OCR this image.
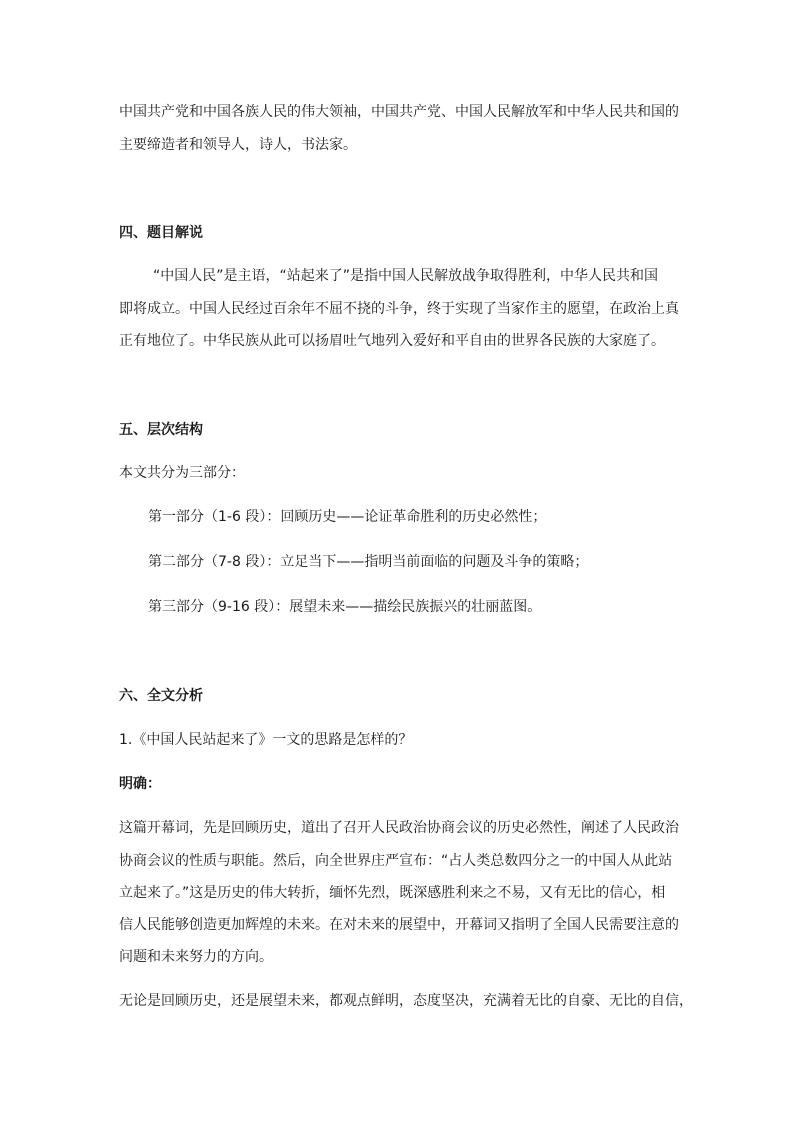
中国共产党和中国各族人民的伟大领袖，中国共产党、中国人民解放军和中华人民共和国的
主要缔造者和领导人，诗人，书法家。
四、题目解说
“中国人民”是主语，“站起来了”是指中国人民解放战争取得胜利，中华人民共和国
即将成立。中国人民经过百余年不屈不挠的斗争，终于实现了当家作主的愿望，在政治上真
正有地位了。中华民族从此可以扬眉吐气地列入爱好和平自由的世界各民族的大家庭了。
五、层次结构
本文共分为三部分：
第一部分（1-6 段）：回顾历史——论证革命胜利的历史必然性；
第二部分（7-8 段）：立足当下——指明当前面临的问题及斗争的策略；
第三部分（9-16 段）：展望未来——描绘民族振兴的壮丽蓝图。
六、全文分析
1.《中国人民站起来了》一文的思路是怎样的？
明确：
这篇开幕词，先是回顾历史，道出了召开人民政治协商会议的历史必然性，阐述了人民政治
协商会议的性质与职能。然后，向全世界庄严宣布：“占人类总数四分之一的中国人从此站
立起来了。”这是历史的伟大转折，缅怀先烈，既深感胜利来之不易，又有无比的信心，相
信人民能够创造更加辉煌的未来。在对未来的展望中，开幕词又指明了全国人民需要注意的
问题和未来努力的方向。
无论是回顾历史，还是展望未来，都观点鲜明，态度坚决，充满着无比的自豪、无比的自信，
